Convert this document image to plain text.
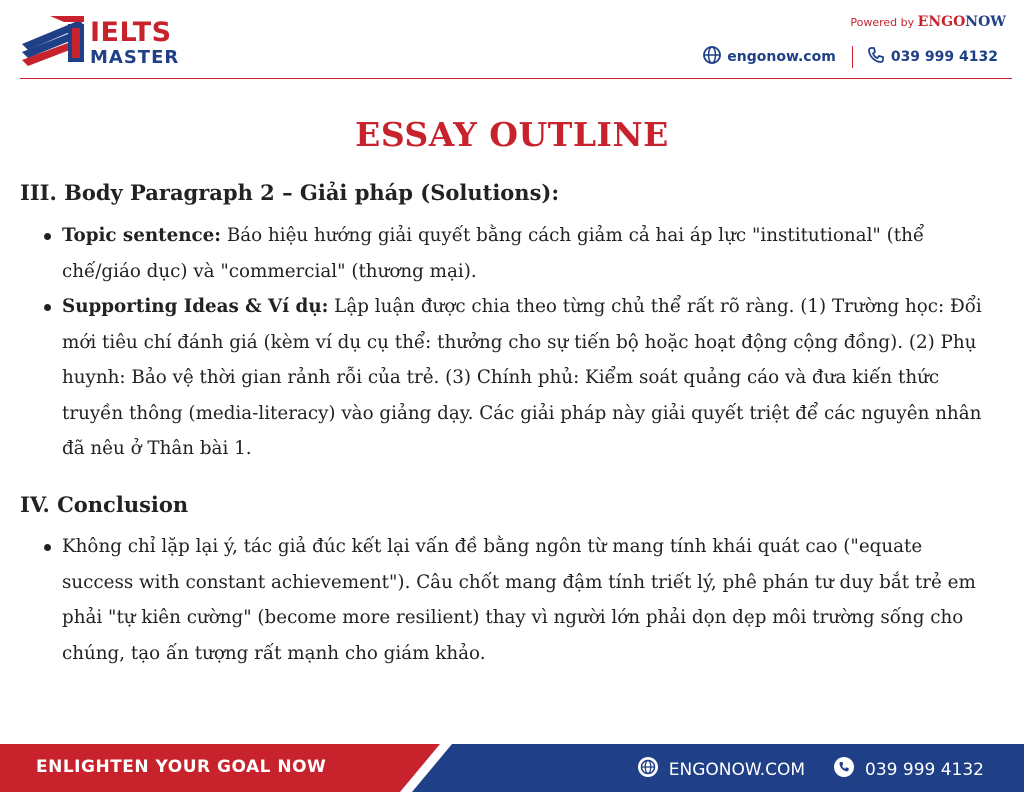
IELTS
MASTER
Powered by ENGONOW
engonow.com	039 999 4132
ESSAY OUTLINE
III. Body Paragraph 2 – Giải pháp (Solutions):
Topic sentence: Báo hiệu hướng giải quyết bằng cách giảm cả hai áp lực "institutional" (thể chế/giáo dục) và "commercial" (thương mại).
Supporting Ideas & Ví dụ: Lập luận được chia theo từng chủ thể rất rõ ràng. (1) Trường học: Đổi mới tiêu chí đánh giá (kèm ví dụ cụ thể: thưởng cho sự tiến bộ hoặc hoạt động cộng đồng). (2) Phụ huynh: Bảo vệ thời gian rảnh rỗi của trẻ. (3) Chính phủ: Kiểm soát quảng cáo và đưa kiến thức truyền thông (media-literacy) vào giảng dạy. Các giải pháp này giải quyết triệt để các nguyên nhân đã nêu ở Thân bài 1.
IV. Conclusion
Không chỉ lặp lại ý, tác giả đúc kết lại vấn đề bằng ngôn từ mang tính khái quát cao ("equate success with constant achievement"). Câu chốt mang đậm tính triết lý, phê phán tư duy bắt trẻ em phải "tự kiên cường" (become more resilient) thay vì người lớn phải dọn dẹp môi trường sống cho chúng, tạo ấn tượng rất mạnh cho giám khảo.
ENLIGHTEN YOUR GOAL NOW	ENGONOW.COM	039 999 4132
